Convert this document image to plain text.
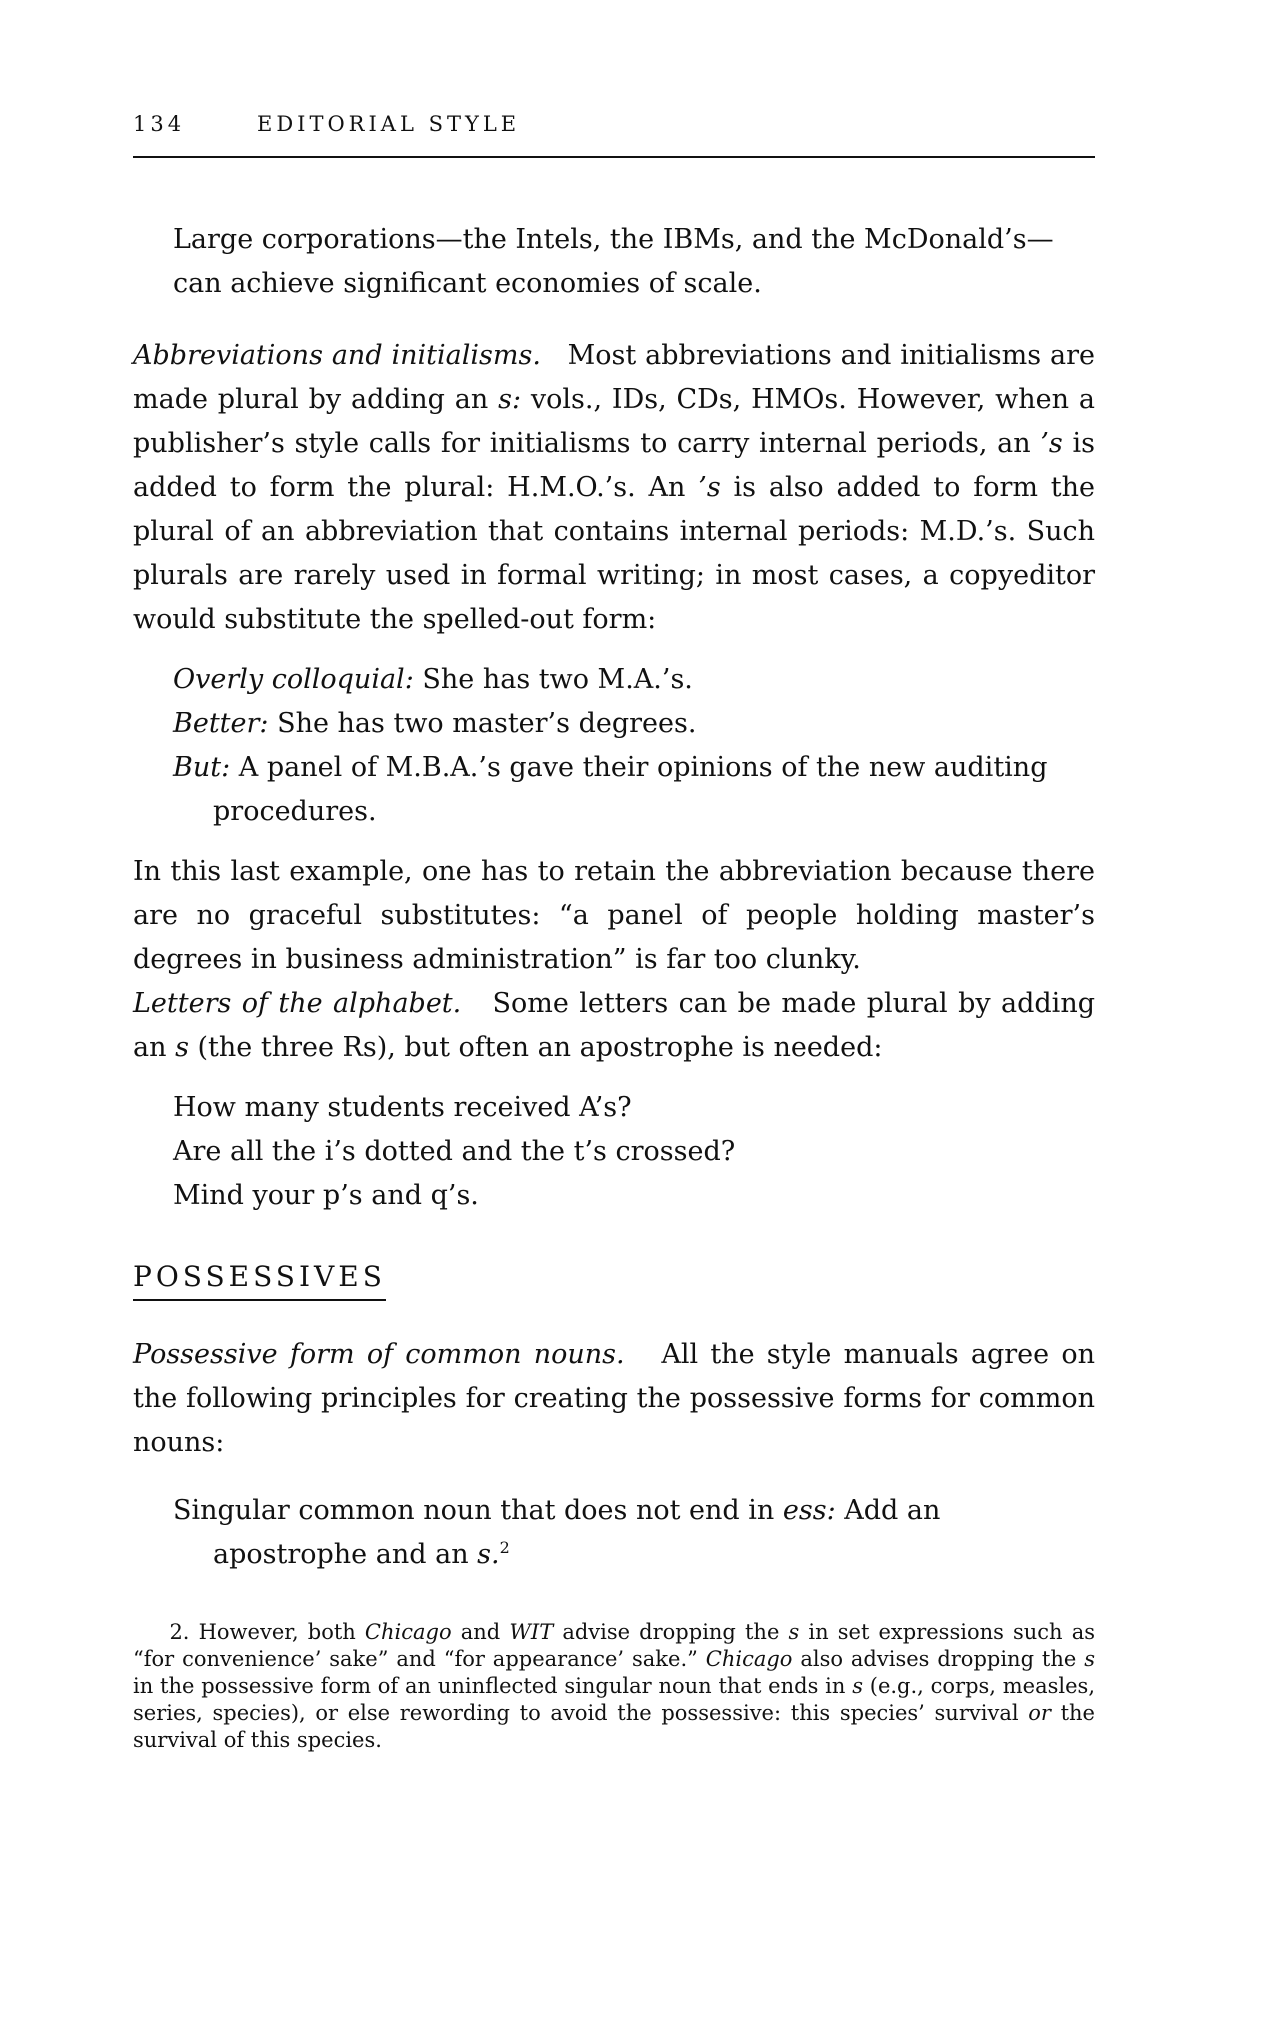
134	EDITORIAL STYLE

Large corporations—the Intels, the IBMs, and the McDonald’s—can achieve significant economies of scale.

Abbreviations and initialisms. Most abbreviations and initialisms are made plural by adding an s: vols., IDs, CDs, HMOs. However, when a publisher’s style calls for initialisms to carry internal periods, an ’s is added to form the plural: H.M.O.’s. An ’s is also added to form the plural of an abbreviation that contains internal periods: M.D.’s. Such plurals are rarely used in formal writing; in most cases, a copyeditor would substitute the spelled-out form:

Overly colloquial: She has two M.A.’s.

Better: She has two master’s degrees.

But: A panel of M.B.A.’s gave their opinions of the new auditing procedures.

In this last example, one has to retain the abbreviation because there are no graceful substitutes: “a panel of people holding master’s degrees in business administration” is far too clunky.

Letters of the alphabet. Some letters can be made plural by adding an s (the three Rs), but often an apostrophe is needed:

How many students received A’s?

Are all the i’s dotted and the t’s crossed?

Mind your p’s and q’s.

POSSESSIVES

Possessive form of common nouns. All the style manuals agree on the following principles for creating the possessive forms for common nouns:

Singular common noun that does not end in ess: Add an apostrophe and an s.$^2$

2. However, both Chicago and WIT advise dropping the s in set expressions such as “for convenience’ sake” and “for appearance’ sake.” Chicago also advises dropping the s in the possessive form of an uninflected singular noun that ends in s (e.g., corps, measles, series, species), or else rewording to avoid the possessive: this species’ survival or the survival of this species.
